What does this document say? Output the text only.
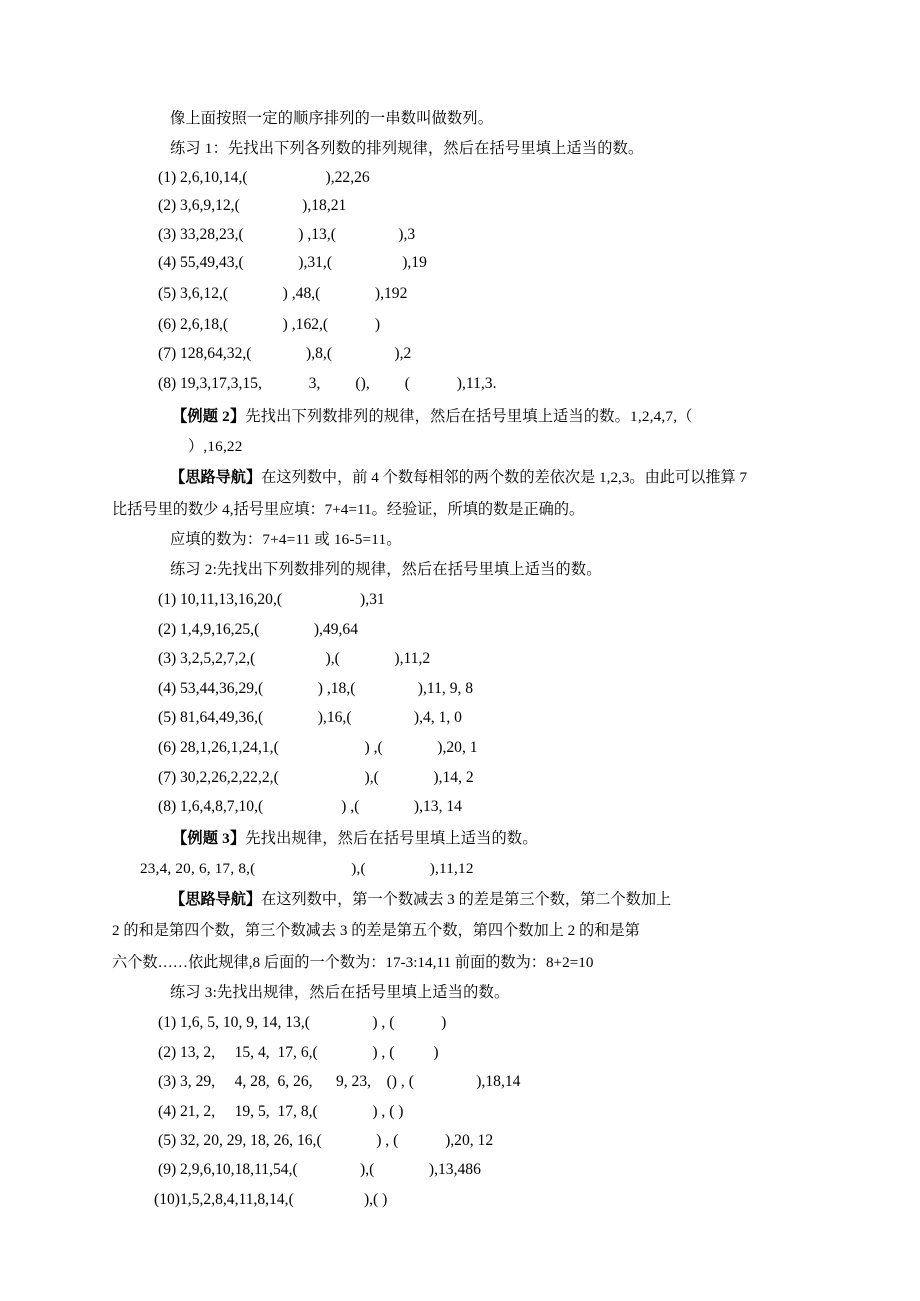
像上面按照一定的顺序排列的一串数叫做数列。

练习 1：先找出下列各列数的排列规律，然后在括号里填上适当的数。

(1) 2,6,10,14,(                    ),22,26
(2) 3,6,9,12,(                ),18,21
(3) 33,28,23,(              ) ,13,(                ),3
(4) 55,49,43,(              ),31,(                  ),19
(5) 3,6,12,(              ) ,48,(              ),192
(6) 2,6,18,(              ) ,162,(            )
(7) 128,64,32,(              ),8,(                ),2
(8) 19,3,17,3,15,            3,         (),         (            ),11,3.

【例题 2】先找出下列数排列的规律，然后在括号里填上适当的数。1,2,4,7,（

）,16,22

【思路导航】在这列数中，前 4 个数每相邻的两个数的差依次是 1,2,3。由此可以推算 7

比括号里的数少 4,括号里应填：7+4=11。经验证，所填的数是正确的。

应填的数为：7+4=11 或 16-5=11。

练习 2:先找出下列数排列的规律，然后在括号里填上适当的数。

(1) 10,11,13,16,20,(                    ),31
(2) 1,4,9,16,25,(              ),49,64
(3) 3,2,5,2,7,2,(                  ),(              ),11,2
(4) 53,44,36,29,(              ) ,18,(                ),11, 9, 8
(5) 81,64,49,36,(              ),16,(                ),4, 1, 0
(6) 28,1,26,1,24,1,(                      ) ,(              ),20, 1
(7) 30,2,26,2,22,2,(                      ),(              ),14, 2
(8) 1,6,4,8,7,10,(                    ) ,(              ),13, 14

【例题 3】先找出规律，然后在括号里填上适当的数。

23,4, 20, 6, 17, 8,(                        ),(                ),11,12

【思路导航】在这列数中，第一个数减去 3 的差是第三个数，第二个数加上

2 的和是第四个数，第三个数减去 3 的差是第五个数，第四个数加上 2 的和是第

六个数……依此规律,8 后面的一个数为：17-3:14,11 前面的数为：8+2=10

练习 3:先找出规律，然后在括号里填上适当的数。

(1) 1,6, 5, 10, 9, 14, 13,(                ) , (            )
(2) 13, 2,     15, 4,  17, 6,(              ) , (          )
(3) 3, 29,     4, 28,  6, 26,      9, 23,    () , (                ),18,14
(4) 21, 2,     19, 5,  17, 8,(              ) , ( )
(5) 32, 20, 29, 18, 26, 16,(              ) , (            ),20, 12
(9) 2,9,6,10,18,11,54,(                ),(              ),13,486
(10) 1,5,2,8,4,11,8,14,(                  ),( )
